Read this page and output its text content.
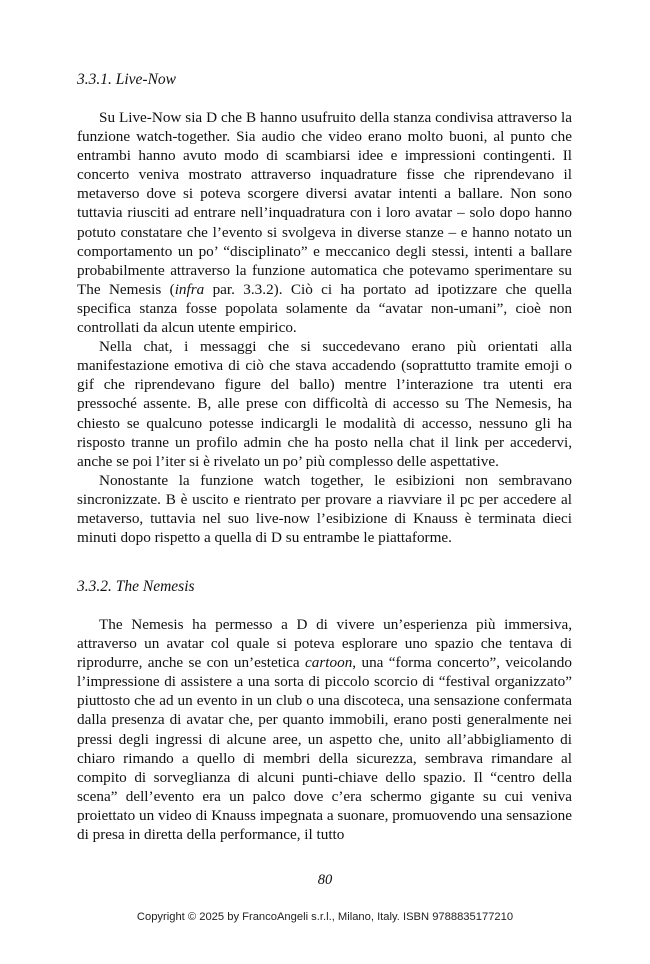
3.3.1. Live-Now

Su Live-Now sia D che B hanno usufruito della stanza condivisa attraverso la funzione watch-together. Sia audio che video erano molto buoni, al punto che entrambi hanno avuto modo di scambiarsi idee e impressioni contingenti. Il concerto veniva mostrato attraverso inquadrature fisse che riprendevano il metaverso dove si poteva scorgere diversi avatar intenti a ballare. Non sono tuttavia riusciti ad entrare nell’inquadratura con i loro avatar – solo dopo hanno potuto constatare che l’evento si svolgeva in diverse stanze – e hanno notato un comportamento un po’ “disciplinato” e meccanico degli stessi, intenti a ballare probabilmente attraverso la funzione automatica che potevamo sperimentare su The Nemesis (infra par. 3.3.2). Ciò ci ha portato ad ipotizzare che quella specifica stanza fosse popolata solamente da “avatar non-umani”, cioè non controllati da alcun utente empirico.

Nella chat, i messaggi che si succedevano erano più orientati alla manifestazione emotiva di ciò che stava accadendo (soprattutto tramite emoji o gif che riprendevano figure del ballo) mentre l’interazione tra utenti era pressoché assente. B, alle prese con difficoltà di accesso su The Nemesis, ha chiesto se qualcuno potesse indicargli le modalità di accesso, nessuno gli ha risposto tranne un profilo admin che ha posto nella chat il link per accedervi, anche se poi l’iter si è rivelato un po’ più complesso delle aspettative.

Nonostante la funzione watch together, le esibizioni non sembravano sincronizzate. B è uscito e rientrato per provare a riavviare il pc per accedere al metaverso, tuttavia nel suo live-now l’esibizione di Knauss è terminata dieci minuti dopo rispetto a quella di D su entrambe le piattaforme.

3.3.2. The Nemesis

The Nemesis ha permesso a D di vivere un’esperienza più immersiva, attraverso un avatar col quale si poteva esplorare uno spazio che tentava di riprodurre, anche se con un’estetica cartoon, una “forma concerto”, veicolando l’impressione di assistere a una sorta di piccolo scorcio di “festival organizzato” piuttosto che ad un evento in un club o una discoteca, una sensazione confermata dalla presenza di avatar che, per quanto immobili, erano posti generalmente nei pressi degli ingressi di alcune aree, un aspetto che, unito all’abbigliamento di chiaro rimando a quello di membri della sicurezza, sembrava rimandare al compito di sorveglianza di alcuni punti-chiave dello spazio. Il “centro della scena” dell’evento era un palco dove c’era schermo gigante su cui veniva proiettato un video di Knauss impegnata a suonare, promuovendo una sensazione di presa in diretta della performance, il tutto

80
Copyright © 2025 by FrancoAngeli s.r.l., Milano, Italy. ISBN 9788835177210
